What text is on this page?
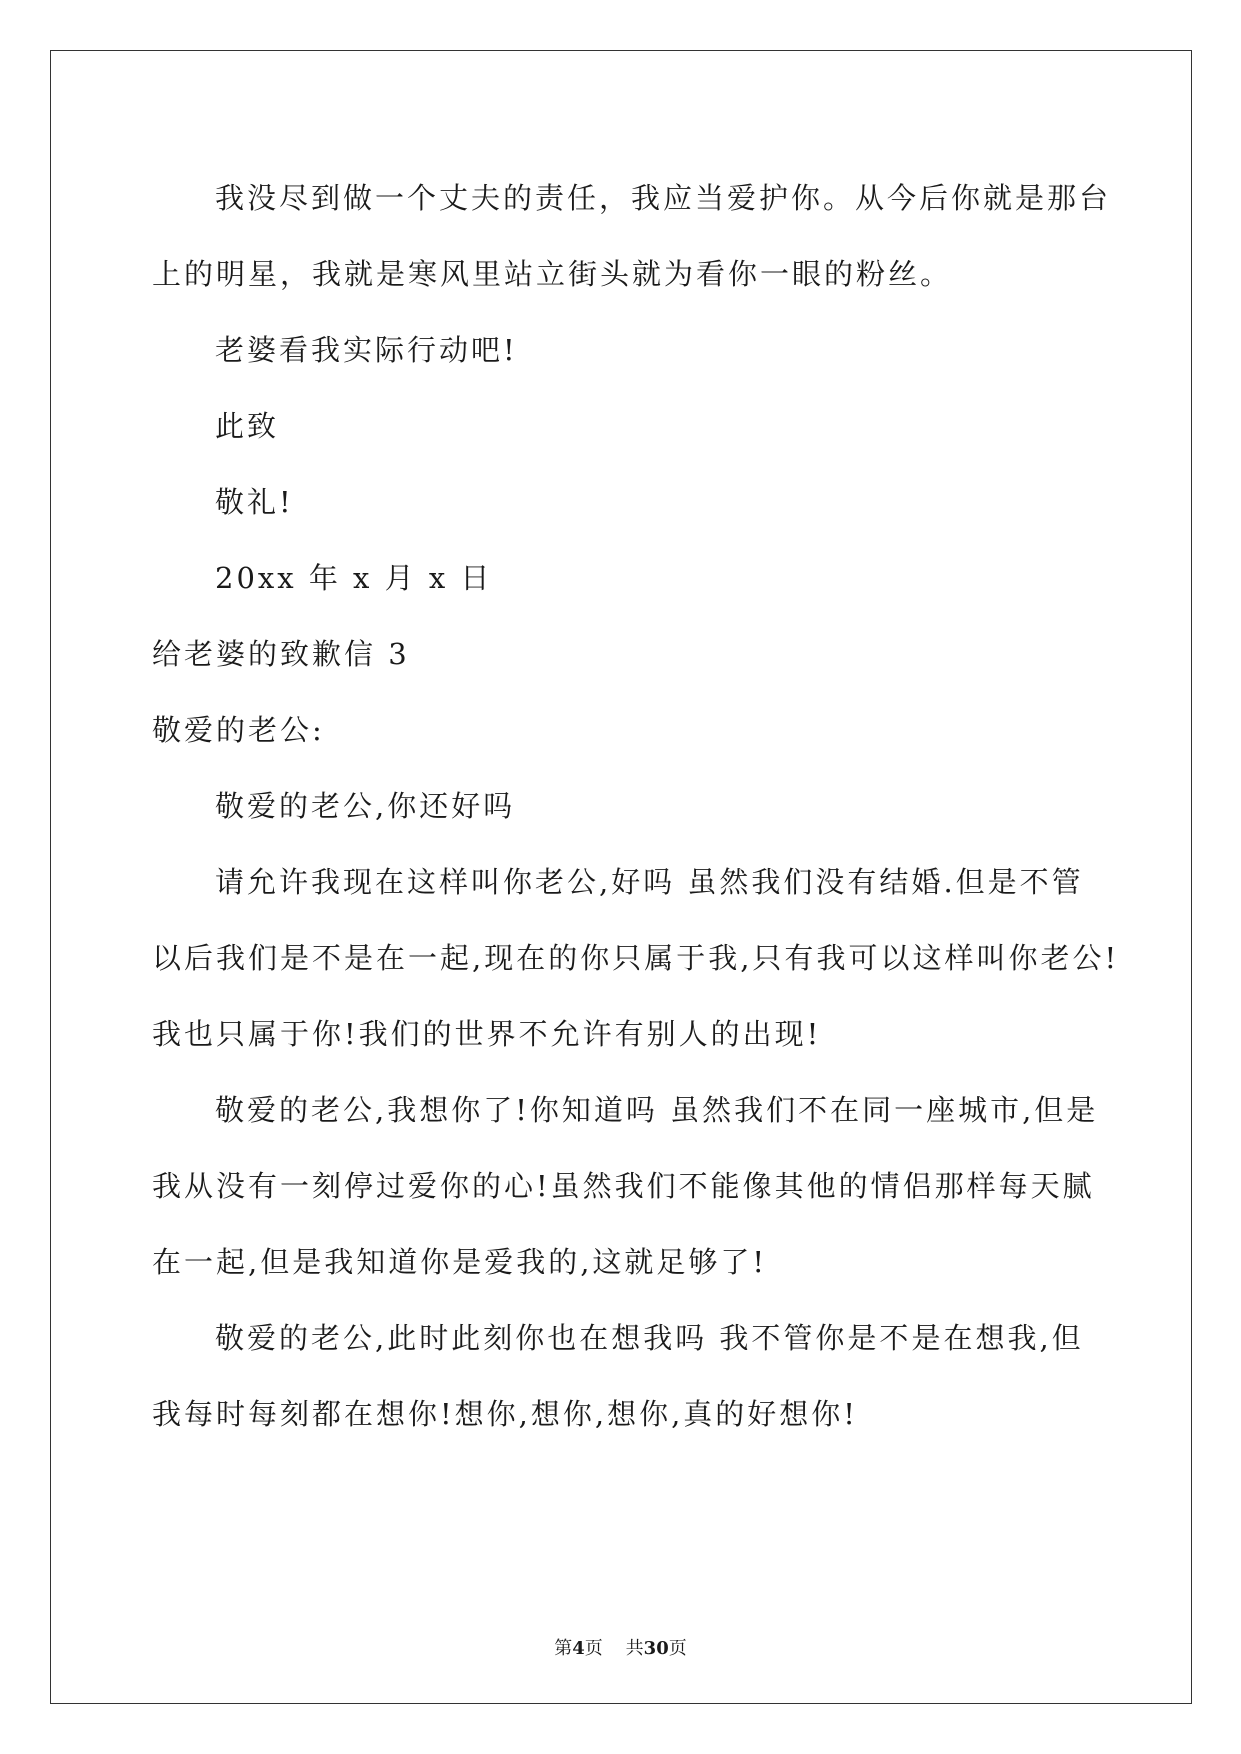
我没尽到做一个丈夫的责任，我应当爱护你。从今后你就是那台
上的明星，我就是寒风里站立街头就为看你一眼的粉丝。
老婆看我实际行动吧!
此致
敬礼!
20xx 年 x 月 x 日
给老婆的致歉信 3
敬爱的老公:
敬爱的老公,你还好吗
请允许我现在这样叫你老公,好吗 虽然我们没有结婚.但是不管
以后我们是不是在一起,现在的你只属于我,只有我可以这样叫你老公!
我也只属于你!我们的世界不允许有别人的出现!
敬爱的老公,我想你了!你知道吗 虽然我们不在同一座城市,但是
我从没有一刻停过爱你的心!虽然我们不能像其他的情侣那样每天腻
在一起,但是我知道你是爱我的,这就足够了!
敬爱的老公,此时此刻你也在想我吗 我不管你是不是在想我,但
我每时每刻都在想你!想你,想你,想你,真的好想你!
第4页    共30页
